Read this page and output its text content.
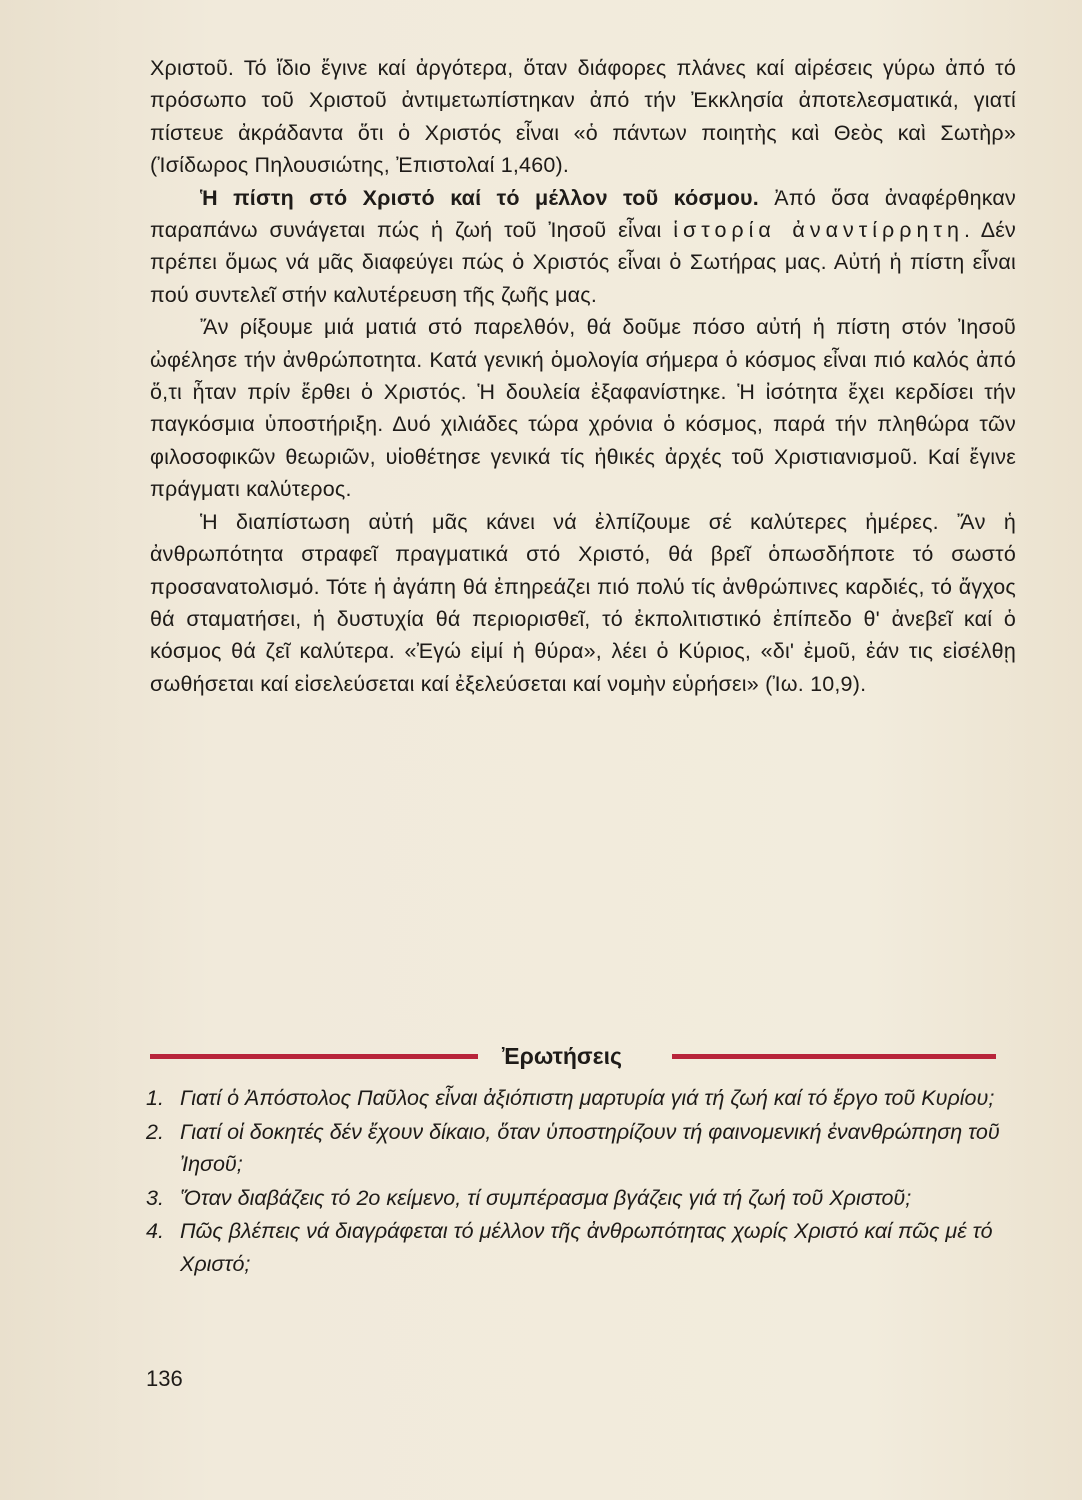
Χριστοῦ. Τό ἴδιο ἔγινε καί ἀργότερα, ὅταν διάφορες πλάνες καί αἱρέσεις γύρω ἀπό τό πρόσωπο τοῦ Χριστοῦ ἀντιμετωπίστηκαν ἀπό τήν Ἐκκλησία ἀποτελεσματικά, γιατί πίστευε ἀκράδαντα ὅτι ὁ Χριστός εἶναι «ὁ πάντων ποιητὴς καὶ Θεὸς καὶ Σωτὴρ» (Ἰσίδωρος Πηλουσιώτης, Ἐπιστολαί 1,460).

Ἡ πίστη στό Χριστό καί τό μέλλον τοῦ κόσμου. Ἀπό ὅσα ἀναφέρθηκαν παραπάνω συνάγεται πώς ἡ ζωή τοῦ Ἰησοῦ εἶναι ἱστορία ἀναντίρρητη. Δέν πρέπει ὅμως νά μᾶς διαφεύγει πώς ὁ Χριστός εἶναι ὁ Σωτήρας μας. Αὐτή ἡ πίστη εἶναι πού συντελεῖ στήν καλυτέρευση τῆς ζωῆς μας.

Ἄν ρίξουμε μιά ματιά στό παρελθόν, θά δοῦμε πόσο αὐτή ἡ πίστη στόν Ἰησοῦ ὠφέλησε τήν ἀνθρώποτητα. Κατά γενική ὁμολογία σήμερα ὁ κόσμος εἶναι πιό καλός ἀπό ὅ,τι ἦταν πρίν ἔρθει ὁ Χριστός. Ἡ δουλεία ἐξαφανίστηκε. Ἡ ἰσότητα ἔχει κερδίσει τήν παγκόσμια ὑποστήριξη. Δυό χιλιάδες τώρα χρόνια ὁ κόσμος, παρά τήν πληθώρα τῶν φιλοσοφικῶν θεωριῶν, υἱοθέτησε γενικά τίς ἠθικές ἀρχές τοῦ Χριστιανισμοῦ. Καί ἔγινε πράγματι καλύτερος.

Ἡ διαπίστωση αὐτή μᾶς κάνει νά ἐλπίζουμε σέ καλύτερες ἡμέρες. Ἄν ἡ ἀνθρωπότητα στραφεῖ πραγματικά στό Χριστό, θά βρεῖ ὁπωσδήποτε τό σωστό προσανατολισμό. Τότε ἡ ἀγάπη θά ἐπηρεάζει πιό πολύ τίς ἀνθρώπινες καρδιές, τό ἄγχος θά σταματήσει, ἡ δυστυχία θά περιορισθεῖ, τό ἐκπολιτιστικό ἐπίπεδο θ' ἀνεβεῖ καί ὁ κόσμος θά ζεῖ καλύτερα. «Ἐγώ εἰμί ἡ θύρα», λέει ὁ Κύριος, «δι' ἐμοῦ, ἐάν τις εἰσέλθῃ σωθήσεται καί εἰσελεύσεται καί ἐξελεύσεται καί νομὴν εὑρήσει» (Ἰω. 10,9).

Ἐρωτήσεις
1. Γιατί ὁ Ἀπόστολος Παῦλος εἶναι ἀξιόπιστη μαρτυρία γιά τή ζωή καί τό ἔργο τοῦ Κυρίου;
2. Γιατί οἱ δοκητές δέν ἔχουν δίκαιο, ὅταν ὑποστηρίζουν τή φαινομενική ἐνανθρώπηση τοῦ Ἰησοῦ;
3. Ὅταν διαβάζεις τό 2ο κείμενο, τί συμπέρασμα βγάζεις γιά τή ζωή τοῦ Χριστοῦ;
4. Πῶς βλέπεις νά διαγράφεται τό μέλλον τῆς ἀνθρωπότητας χωρίς Χριστό καί πῶς μέ τό Χριστό;
136
